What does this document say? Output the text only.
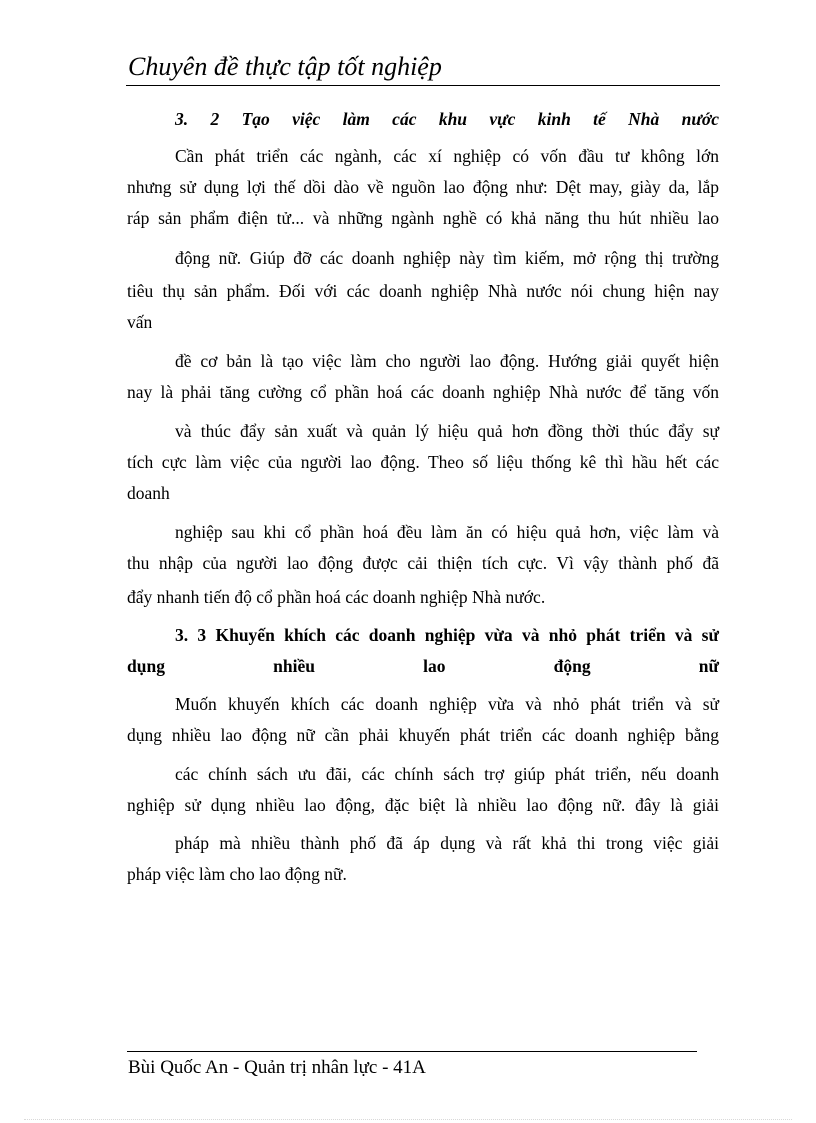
Chuyên đề thực tập tốt nghiệp
3. 2 Tạo việc làm các khu vực kinh tế Nhà nước
Cần phát triển các ngành, các xí nghiệp có vốn đầu tư không lớn
nhưng sử dụng lợi thế dồi dào về nguồn lao động như: Dệt may, giày da, lắp
ráp sản phẩm điện tử... và những ngành nghề có khả năng thu hút nhiều lao
động nữ. Giúp đỡ các doanh nghiệp này tìm kiếm, mở rộng thị trường
tiêu thụ sản phẩm. Đối với các doanh nghiệp Nhà nước nói chung hiện nay
vấn
đề cơ bản là tạo việc làm cho người lao động. Hướng giải quyết hiện
nay là phải tăng cường cổ phần hoá các doanh nghiệp Nhà nước để tăng vốn
và thúc đẩy sản xuất và quản lý hiệu quả hơn đồng thời thúc đẩy sự
tích cực làm việc của người lao động. Theo số liệu thống kê thì hầu hết các
doanh
nghiệp sau khi cổ phần hoá đều làm ăn có hiệu quả hơn, việc làm và
thu nhập của người lao động được cải thiện tích cực. Vì vậy thành phố đã
đẩy nhanh tiến độ cổ phần hoá các doanh nghiệp Nhà nước.
3. 3 Khuyến khích các doanh nghiệp vừa và nhỏ phát triển và sử
dụng nhiều lao động nữ
Muốn khuyến khích các doanh nghiệp vừa và nhỏ phát triển và sử
dụng nhiều lao động nữ cần phải khuyến phát triển các doanh nghiệp bằng
các chính sách ưu đãi, các chính sách trợ giúp phát triển, nếu doanh
nghiệp sử dụng nhiều lao động, đặc biệt là nhiều lao động nữ. đây là giải
pháp mà nhiều thành phố đã áp dụng và rất khả thi trong việc giải
pháp việc làm cho lao động nữ.
Bùi Quốc An - Quản trị nhân lực - 41A
